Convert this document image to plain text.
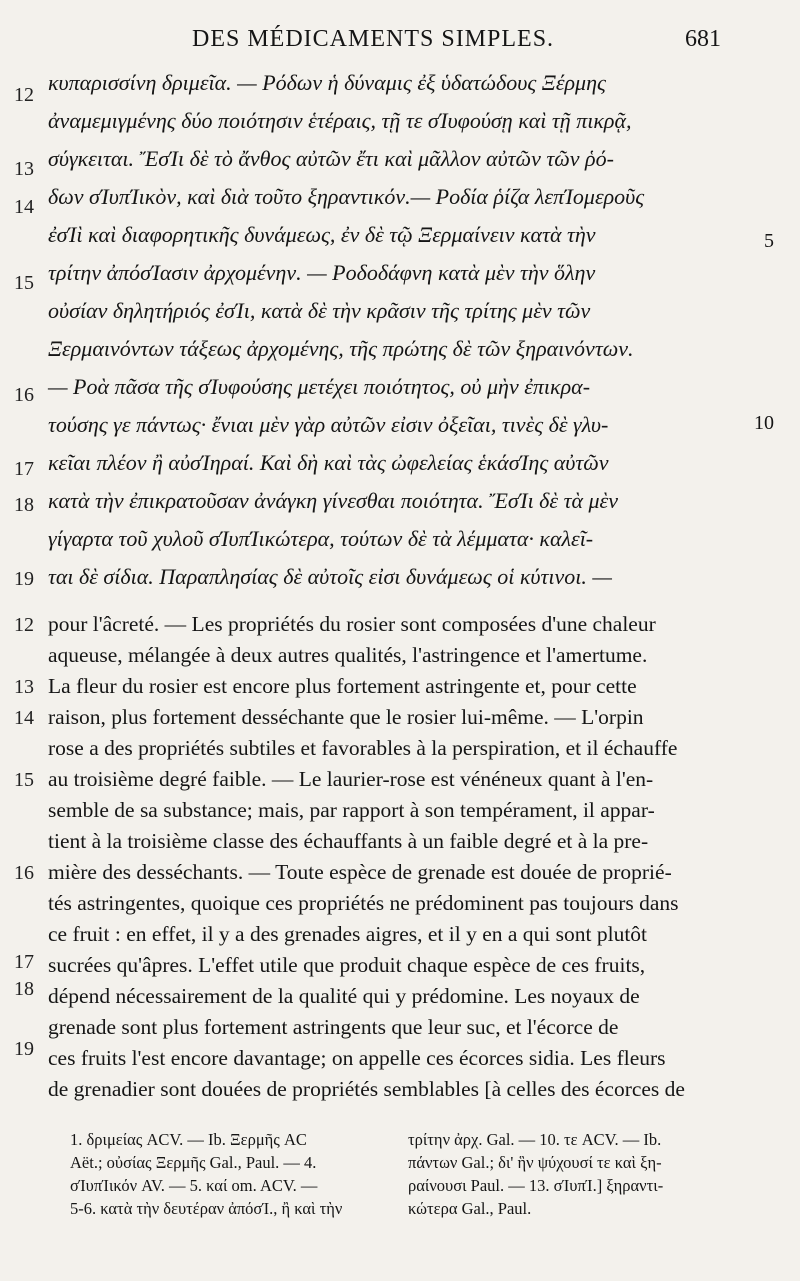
DES MÉDICAMENTS SIMPLES.	681
12 κυπαρισσίνη δριμεῖα. — Ρόδων ἡ δύναμις ἐξ ὑδατώδους Ξέρμης
ἀναμεμιγμένης δύο ποιότησιν ἑτέραις, τῇ τε σΊυφούσῃ καὶ τῇ πικρᾷ,
13 σύγκειται. ἜσΊι δὲ τὸ ἄνθος αὐτῶν ἔτι καὶ μᾶλλον αὐτῶν τῶν ῥό-
14 δων σΊυπΊικὸν, καὶ διὰ τοῦτο ξηραντικόν.— Ροδία ῥίζα λεπΊομεροῦς
ἐσΊὶ καὶ διαφορητικῆς δυνάμεως, ἐν δὲ τῷ Ξερμαίνειν κατὰ τὴν	5
15 τρίτην ἀπόσΊασιν ἀρχομένην. — Ροδοδάφνη κατὰ μὲν τὴν ὅλην
οὐσίαν δηλητήριός ἐσΊι, κατὰ δὲ τὴν κρᾶσιν τῆς τρίτης μὲν τῶν
Ξερμαινόντων τάξεως ἀρχομένης, τῆς πρώτης δὲ τῶν ξηραινόντων.
16 — Ροὰ πᾶσα τῆς σΊυφούσης μετέχει ποιότητος, οὐ μὴν ἐπικρα-
τούσης γε πάντως· ἔνιαι μὲν γὰρ αὐτῶν εἰσιν ὀξεῖαι, τινὲς δὲ γλυ-	10
17 κεῖαι πλέον ἢ αὐσΊηραί. Καὶ δὴ καὶ τὰς ὠφελείας ἑκάσΊης αὐτῶν
18 κατὰ τὴν ἐπικρατοῦσαν ἀνάγκη γίνεσθαι ποιότητα. ἜσΊι δὲ τὰ μὲν
γίγαρτα τοῦ χυλοῦ σΊυπΊικώτερα, τούτων δὲ τὰ λέμματα· καλεῖ-
19 ται δὲ σίδια. Παραπλησίας δὲ αὐτοῖς εἰσι δυνάμεως οἱ κύτινοι. —
12 pour l'âcreté. — Les propriétés du rosier sont composées d'une chaleur
aqueuse, mélangée à deux autres qualités, l'astringence et l'amertume.
13 La fleur du rosier est encore plus fortement astringente et, pour cette
14 raison, plus fortement desséchante que le rosier lui-même. — L'orpin
rose a des propriétés subtiles et favorables à la perspiration, et il échauffe
15 au troisième degré faible. — Le laurier-rose est vénéneux quant à l'en-
semble de sa substance; mais, par rapport à son tempérament, il appar-
tient à la troisième classe des échauffants à un faible degré et à la pre-
16 mière des desséchants. — Toute espèce de grenade est douée de proprié-
tés astringentes, quoique ces propriétés ne prédominent pas toujours dans
ce fruit : en effet, il y a des grenades aigres, et il y en a qui sont plutôt
17 sucrées qu'âpres. L'effet utile que produit chaque espèce de ces fruits,
18 dépend nécessairement de la qualité qui y prédomine. Les noyaux de
grenade sont plus fortement astringents que leur suc, et l'écorce de
19 ces fruits l'est encore davantage; on appelle ces écorces sidia. Les fleurs
de grenadier sont douées de propriétés semblables [à celles des écorces de
1. δριμείας ACV. — Ib. Ξερμῆς AC
Aët.; οὐσίας Ξερμῆς Gal., Paul. — 4.
σΊυπΊικόν AV. — 5. καί om. ACV. —
5-6. κατὰ τὴν δευτέραν ἀπόσΊ., ἢ καὶ τὴν
τρίτην ἀρχ. Gal. — 10. τε ACV. — Ib.
πάντων Gal.; δι' ἣν ψύχουσί τε καὶ ξη-
ραίνουσι Paul. — 13. σΊυπΊ.] ξηραντι-
κώτερα Gal., Paul.
